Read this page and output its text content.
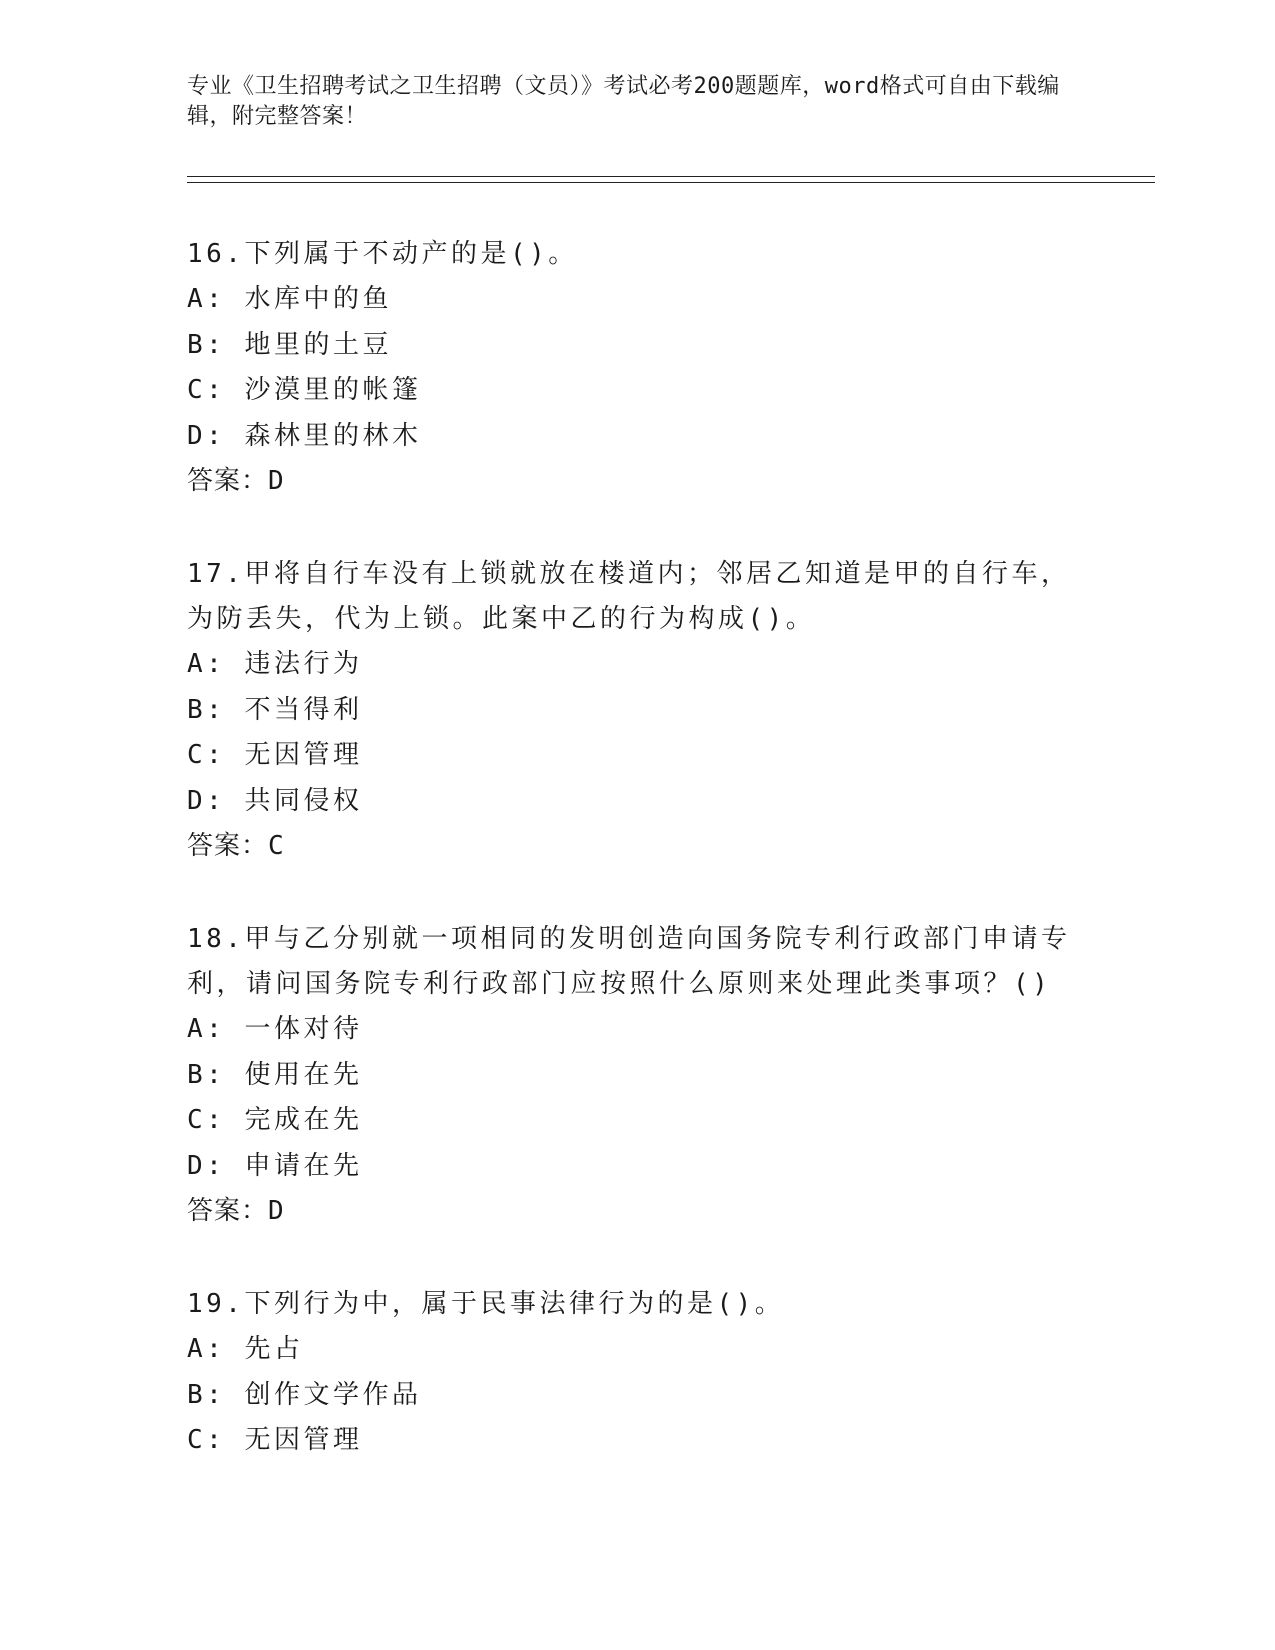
专业《卫生招聘考试之卫生招聘（文员）》考试必考200题题库，word格式可自由下载编辑，附完整答案！
16.下列属于不动产的是()。
A: 水库中的鱼
B: 地里的土豆
C: 沙漠里的帐篷
D: 森林里的林木
答案：D
17.甲将自行车没有上锁就放在楼道内；邻居乙知道是甲的自行车，为防丢失，代为上锁。此案中乙的行为构成()。
A: 违法行为
B: 不当得利
C: 无因管理
D: 共同侵权
答案：C
18.甲与乙分别就一项相同的发明创造向国务院专利行政部门申请专利，请问国务院专利行政部门应按照什么原则来处理此类事项？()
A: 一体对待
B: 使用在先
C: 完成在先
D: 申请在先
答案：D
19.下列行为中，属于民事法律行为的是()。
A: 先占
B: 创作文学作品
C: 无因管理
